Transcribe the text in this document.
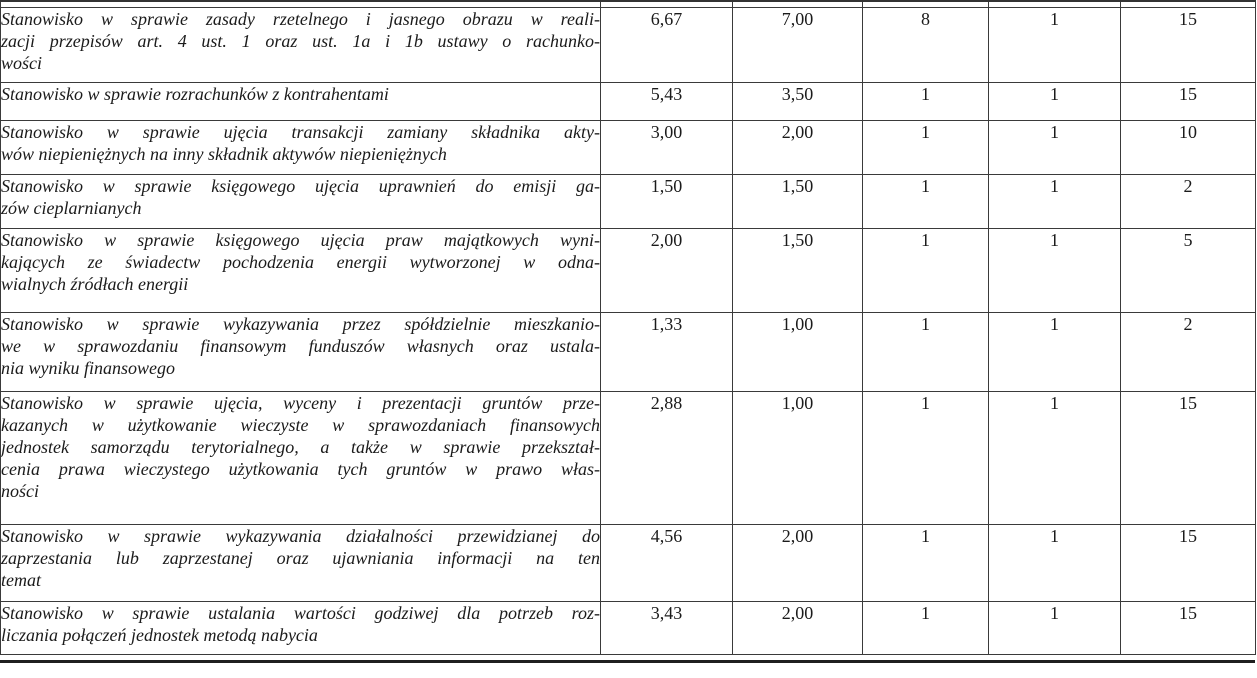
Stanowisko w sprawie zasady rzetelnego i jasnego obrazu w reali-
zacji przepisów art. 4 ust. 1 oraz ust. 1a i 1b ustawy o rachunko-
wości	6,67	7,00	8	1	15

Stanowisko w sprawie rozrachunków z kontrahentami	5,43	3,50	1	1	15

Stanowisko w sprawie ujęcia transakcji zamiany składnika akty-
wów niepieniężnych na inny składnik aktywów niepieniężnych	3,00	2,00	1	1	10

Stanowisko w sprawie księgowego ujęcia uprawnień do emisji ga-
zów cieplarnianych	1,50	1,50	1	1	2

Stanowisko w sprawie księgowego ujęcia praw majątkowych wyni-
kających ze świadectw pochodzenia energii wytworzonej w odna-
wialnych źródłach energii	2,00	1,50	1	1	5

Stanowisko w sprawie wykazywania przez spółdzielnie mieszkanio-
we w sprawozdaniu finansowym funduszów własnych oraz ustala-
nia wyniku finansowego	1,33	1,00	1	1	2

Stanowisko w sprawie ujęcia, wyceny i prezentacji gruntów prze-
kazanych w użytkowanie wieczyste w sprawozdaniach finansowych
jednostek samorządu terytorialnego, a także w sprawie przekształ-
cenia prawa wieczystego użytkowania tych gruntów w prawo włas-
ności	2,88	1,00	1	1	15

Stanowisko w sprawie wykazywania działalności przewidzianej do
zaprzestania lub zaprzestanej oraz ujawniania informacji na ten
temat	4,56	2,00	1	1	15

Stanowisko w sprawie ustalania wartości godziwej dla potrzeb roz-
liczania połączeń jednostek metodą nabycia	3,43	2,00	1	1	15
